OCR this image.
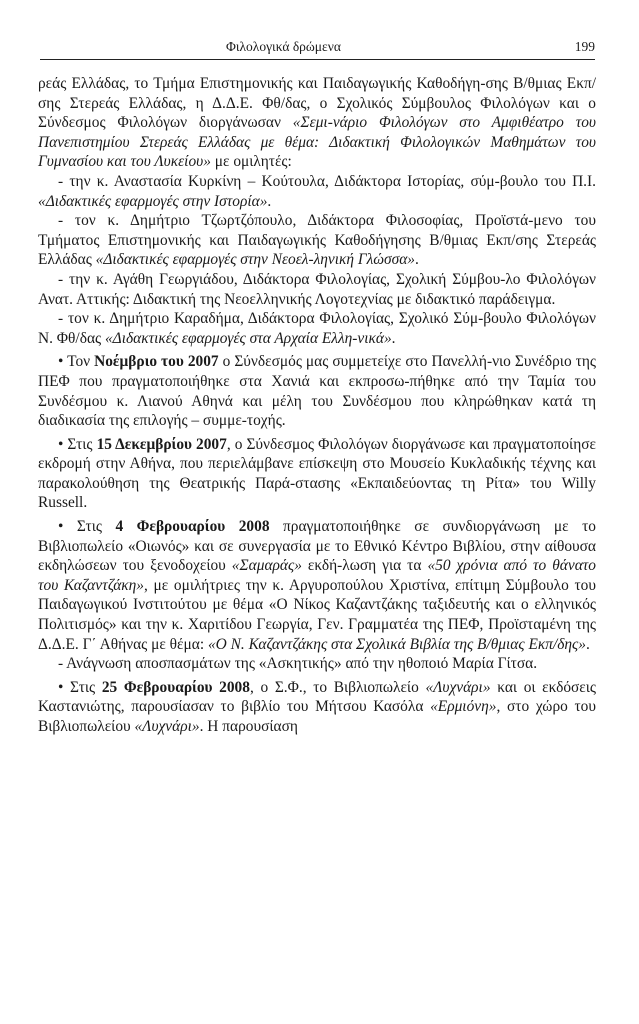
Φιλολογικά δρώμενα	199

ρεάς Ελλάδας, το Τμήμα Επιστημονικής και Παιδαγωγικής Καθοδήγη-σης Β/θμιας Εκπ/σης Στερεάς Ελλάδας, η Δ.Δ.Ε. Φθ/δας, ο Σχολικός Σύμβουλος Φιλολόγων και ο Σύνδεσμος Φιλολόγων διοργάνωσαν «Σεμι-νάριο Φιλολόγων στο Αμφιθέατρο του Πανεπιστημίου Στερεάς Ελλάδας με θέμα: Διδακτική Φιλολογικών Μαθημάτων του Γυμνασίου και του Λυκείου» με ομιλητές:

- την κ. Αναστασία Κυρκίνη – Κούτουλα, Διδάκτορα Ιστορίας, σύμ-βουλο του Π.Ι. «Διδακτικές εφαρμογές στην Ιστορία».

- τον κ. Δημήτριο Τζωρτζόπουλο, Διδάκτορα Φιλοσοφίας, Προϊστά-μενο του Τμήματος Επιστημονικής και Παιδαγωγικής Καθοδήγησης Β/θμιας Εκπ/σης Στερεάς Ελλάδας «Διδακτικές εφαρμογές στην Νεοελ-ληνική Γλώσσα».

- την κ. Αγάθη Γεωργιάδου, Διδάκτορα Φιλολογίας, Σχολική Σύμβου-λο Φιλολόγων Ανατ. Αττικής: Διδακτική της Νεοελληνικής Λογοτεχνίας με διδακτικό παράδειγμα.

- τον κ. Δημήτριο Καραδήμα, Διδάκτορα Φιλολογίας, Σχολικό Σύμ-βουλο Φιλολόγων Ν. Φθ/δας «Διδακτικές εφαρμογές στα Αρχαία Ελλη-νικά».

• Τον Νοέμβριο του 2007 ο Σύνδεσμός μας συμμετείχε στο Πανελλή-νιο Συνέδριο της ΠΕΦ που πραγματοποιήθηκε στα Χανιά και εκπροσω-πήθηκε από την Ταμία του Συνδέσμου κ. Λιανού Αθηνά και μέλη του Συνδέσμου που κληρώθηκαν κατά τη διαδικασία της επιλογής – συμμε-τοχής.

• Στις 15 Δεκεμβρίου 2007, ο Σύνδεσμος Φιλολόγων διοργάνωσε και πραγματοποίησε εκδρομή στην Αθήνα, που περιελάμβανε επίσκεψη στο Μουσείο Κυκλαδικής τέχνης και παρακολούθηση της Θεατρικής Παρά-στασης «Εκπαιδεύοντας τη Ρίτα» του Willy Russell.

• Στις 4 Φεβρουαρίου 2008 πραγματοποιήθηκε σε συνδιοργάνωση με το Βιβλιοπωλείο «Οιωνός» και σε συνεργασία με το Εθνικό Κέντρο Βιβλίου, στην αίθουσα εκδηλώσεων του ξενοδοχείου «Σαμαράς» εκδή-λωση για τα «50 χρόνια από το θάνατο του Καζαντζάκη», με ομιλήτριες την κ. Αργυροπούλου Χριστίνα, επίτιμη Σύμβουλο του Παιδαγωγικού Ινστιτούτου με θέμα «Ο Νίκος Καζαντζάκης ταξιδευτής και ο ελληνικός Πολιτισμός» και την κ. Χαριτίδου Γεωργία, Γεν. Γραμματέα της ΠΕΦ, Προϊσταμένη της Δ.Δ.Ε. Γ΄ Αθήνας με θέμα: «Ο Ν. Καζαντζάκης στα Σχολικά Βιβλία της Β/θμιας Εκπ/δης».

- Ανάγνωση αποσπασμάτων της «Ασκητικής» από την ηθοποιό Μαρία Γίτσα.

• Στις 25 Φεβρουαρίου 2008, ο Σ.Φ., το Βιβλιοπωλείο «Λυχνάρι» και οι εκδόσεις Καστανιώτης, παρουσίασαν το βιβλίο του Μήτσου Κασόλα «Ερμιόνη», στο χώρο του Βιβλιοπωλείου «Λυχνάρι». Η παρουσίαση
